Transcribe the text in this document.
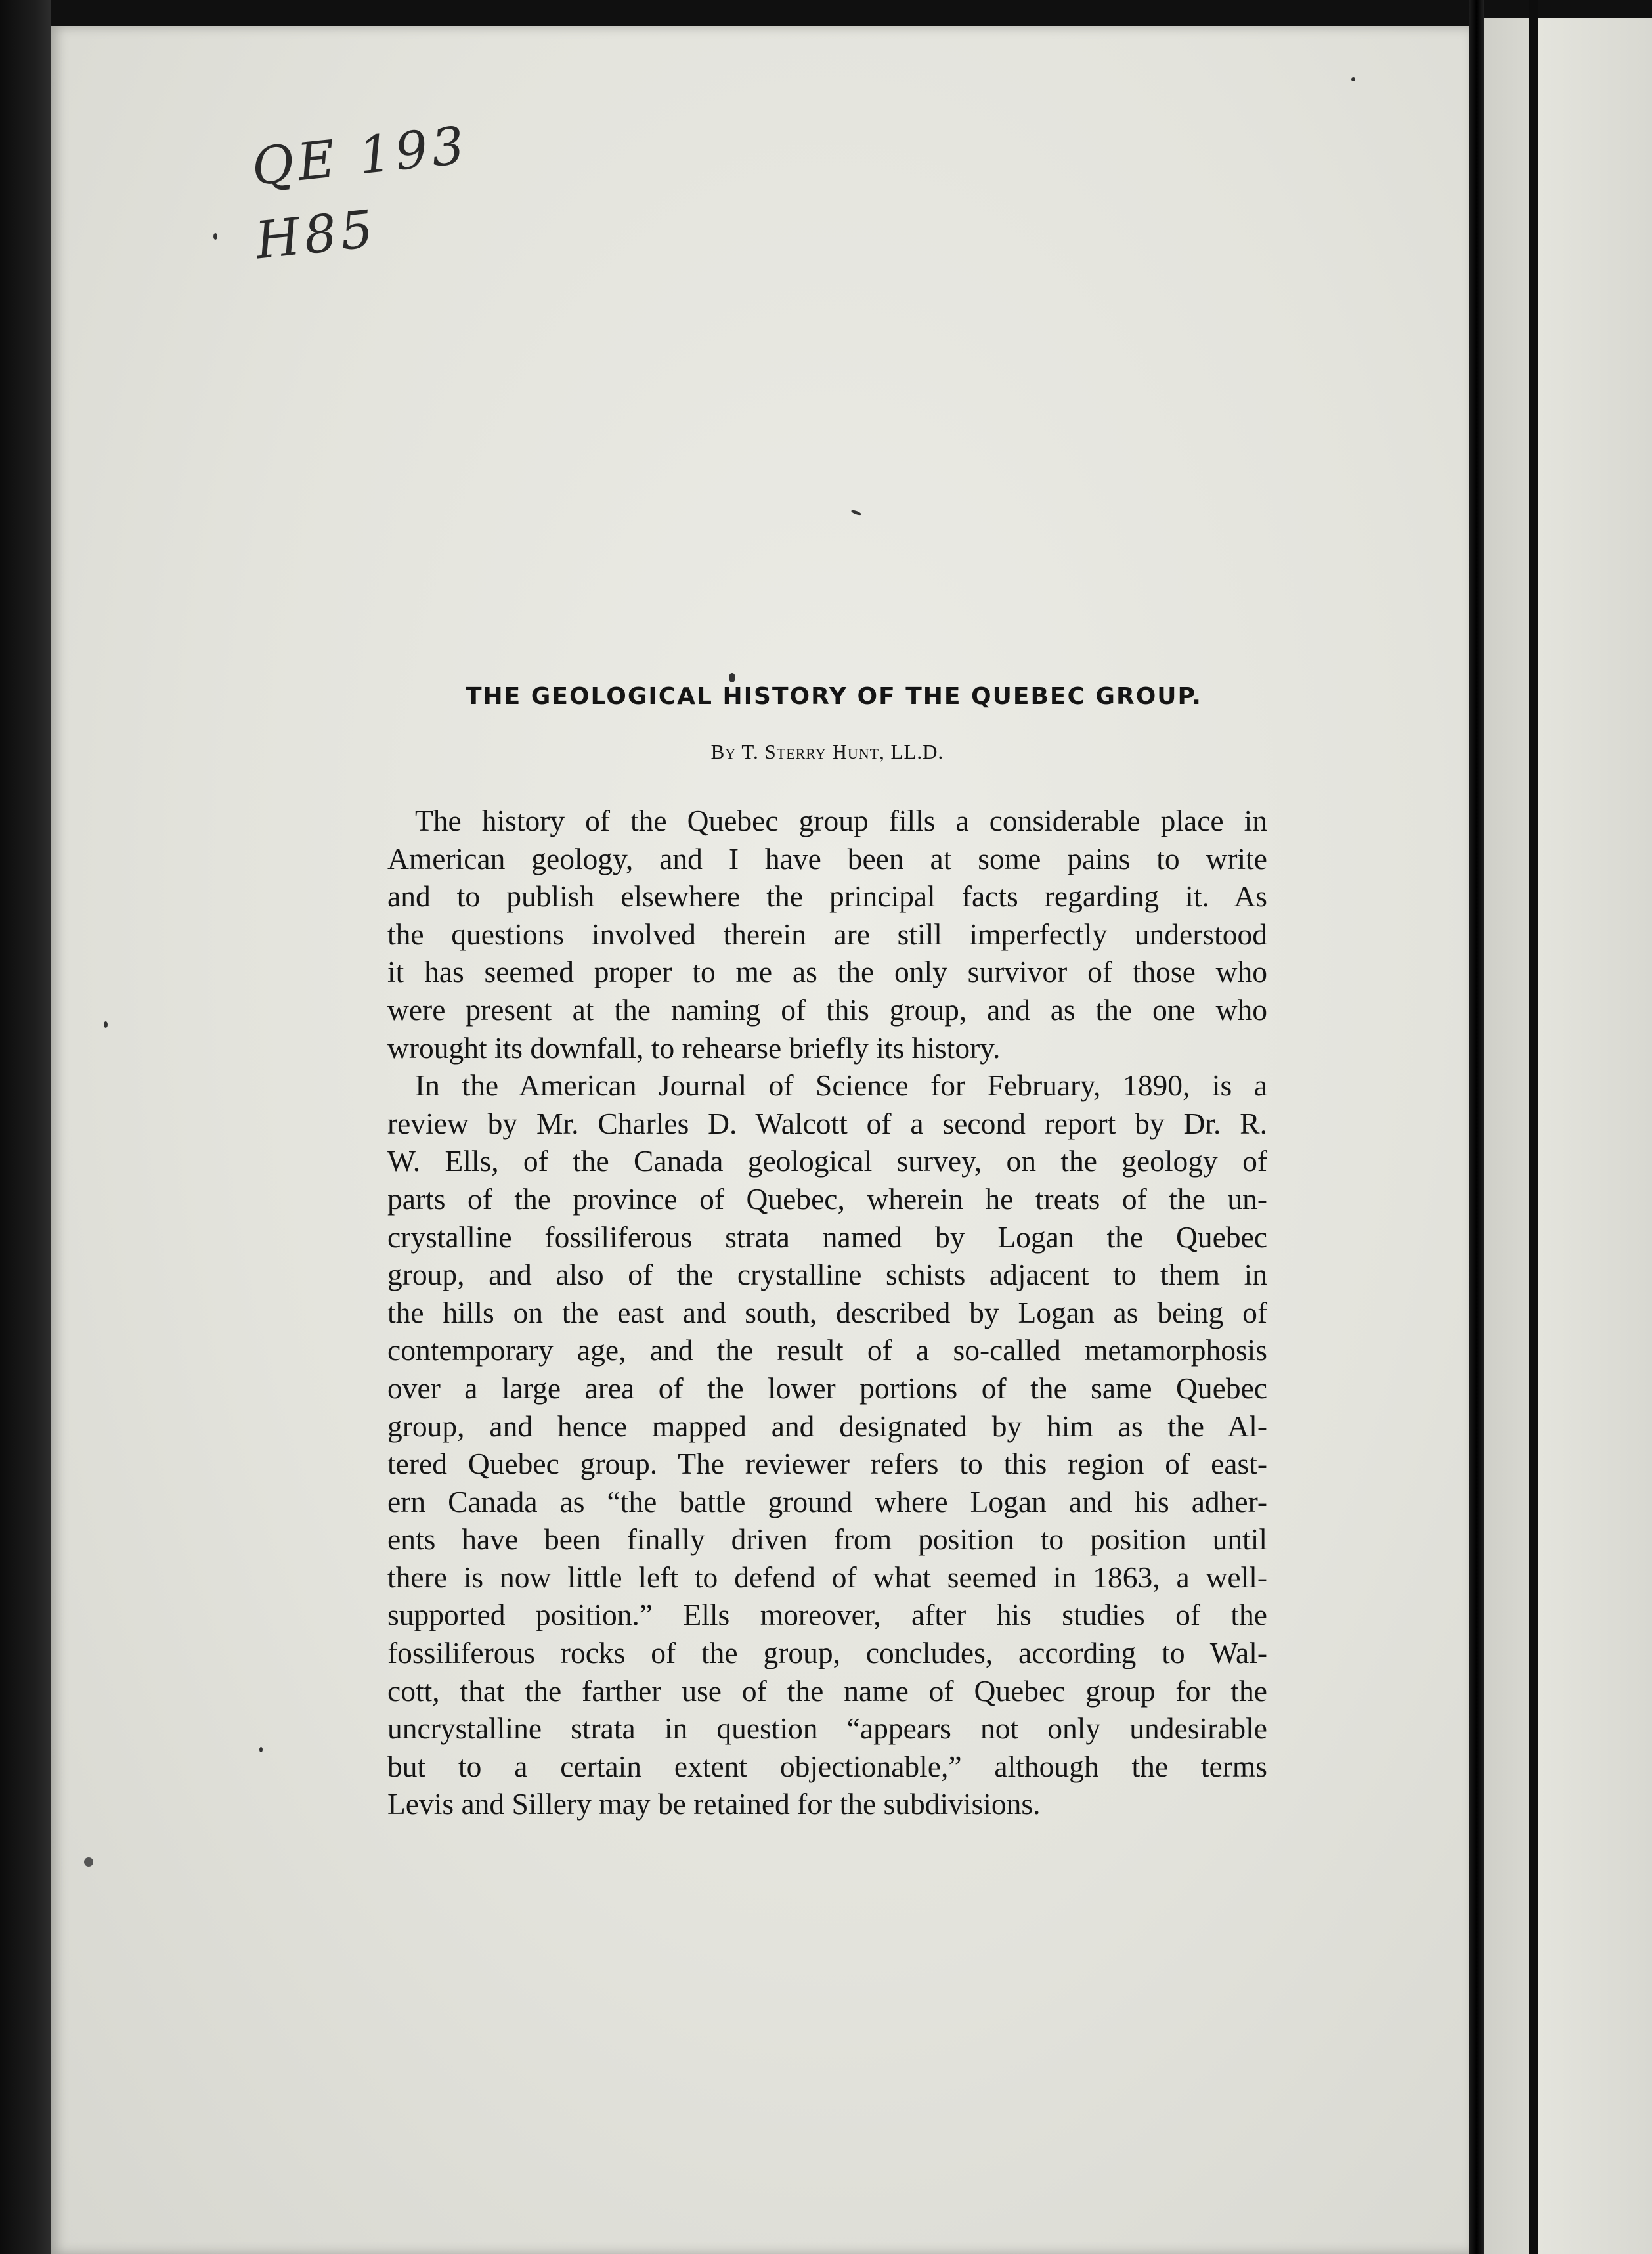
QE 193
H85
THE GEOLOGICAL HISTORY OF THE QUEBEC GROUP.
By T. Sterry Hunt, LL.D.

The history of the Quebec group fills a considerable place in
American geology, and I have been at some pains to write
and to publish elsewhere the principal facts regarding it. As
the questions involved therein are still imperfectly understood
it has seemed proper to me as the only survivor of those who
were present at the naming of this group, and as the one who
wrought its downfall, to rehearse briefly its history.

In the American Journal of Science for February, 1890, is a
review by Mr. Charles D. Walcott of a second report by Dr. R.
W. Ells, of the Canada geological survey, on the geology of
parts of the province of Quebec, wherein he treats of the un-
crystalline fossiliferous strata named by Logan the Quebec
group, and also of the crystalline schists adjacent to them in
the hills on the east and south, described by Logan as being of
contemporary age, and the result of a so-called metamorphosis
over a large area of the lower portions of the same Quebec
group, and hence mapped and designated by him as the Al-
tered Quebec group. The reviewer refers to this region of east-
ern Canada as “the battle ground where Logan and his adher-
ents have been finally driven from position to position until
there is now little left to defend of what seemed in 1863, a well-
supported position.” Ells moreover, after his studies of the
fossiliferous rocks of the group, concludes, according to Wal-
cott, that the farther use of the name of Quebec group for the
uncrystalline strata in question “appears not only undesirable
but to a certain extent objectionable,” although the terms
Levis and Sillery may be retained for the subdivisions.
